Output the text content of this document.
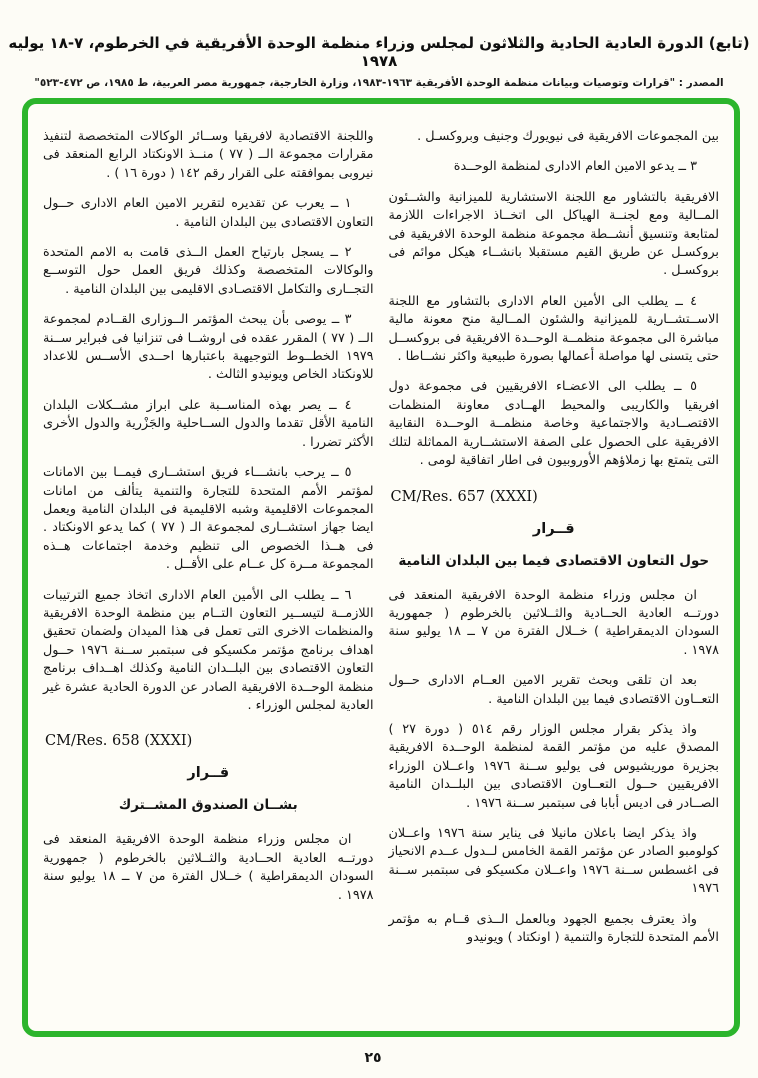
(تابع) الدورة العادية الحادية والثلاثون لمجلس وزراء منظمة الوحدة الأفريقية في الخرطوم، ٧-١٨ يوليه ١٩٧٨
المصدر : "قرارات وتوصيات وبيانات منظمة الوحدة الأفريقية ١٩٦٣-١٩٨٣، وزارة الخارجية، جمهورية مصر العربية، ط ١٩٨٥، ص ٤٧٢-٥٢٣"

بين المجموعات الافريقية فى نيويورك وجنيف وبروكسـل .

٣ ــ يدعو الامين العام الادارى لمنظمة الوحــدة

الافريقية بالتشاور مع اللجنة الاستشارية للميزانية والشــئون المــالية ومع لجنــة الهياكل الى اتخــاذ الاجراءات اللازمة لمتابعة وتنسيق أنشــطة مجموعة منظمة الوحدة الافريقية فى بروكسـل عن طريق القيم مستقبلا بانشــاء هيكل موائم فى بروكسـل .

٤ ــ يطلب الى الأمين العام الادارى بالتشاور مع اللجنة الاســتشــارية للميزانية والشئون المــالية منح معونة مالية مباشرة الى مجموعة منظمــة الوحــدة الافريقية فى بروكســل حتى يتسنى لها مواصلة أعمالها بصورة طبيعية واكثر نشــاطا .

٥ ــ يطلب الى الاعضـاء الافريقيين فى مجموعة دول افريقيا والكاريبى والمحيط الهــادى معاونة المنظمات الاقتصــادية والاجتماعية وخاصة منظمــة الوحــدة النقابية الافريقية على الحصول على الصفة الاستشــارية المماثلة لتلك التى يتمتع بها زملاؤهم الأوروبيون فى اطار اتفاقية لومى .

CM/Res. 657 (XXXI)
قــرار
حول التعاون الاقتصادى فيما بين البلدان النامية

ان مجلس وزراء منظمة الوحدة الافريقية المنعقد فى دورتــه العادية الحــادية والثــلاثين بالخرطوم ( جمهورية السودان الديمقراطية ) خــلال الفترة من ٧ ــ ١٨ يوليو سنة ١٩٧٨ .

بعد ان تلقى وبحث تقرير الامين العــام الادارى حــول التعــاون الاقتصادى فيما بين البلدان النامية .

واذ يذكر بقرار مجلس الوزار رقم ٥١٤ ( دورة ٢٧ ) المصدق عليه من مؤتمر القمة لمنظمة الوحــدة الافريقية بجزيرة موريشيوس فى يوليو ســنة ١٩٧٦ واعــلان الوزراء الافريقيين حــول التعــاون الاقتصادى بين البلــدان النامية الصــادر فى اديس أبابا فى سبتمبر ســنة ١٩٧٦ .

واذ يذكر ايضا باعلان مانيلا فى يناير سنة ١٩٧٦ واعــلان كولومبو الصادر عن مؤتمر القمة الخامس لــدول عــدم الانحياز فى اغسطس ســنة ١٩٧٦ واعــلان مكسيكو فى سبتمبر ســنة ١٩٧٦

واذ يعترف بجميع الجهود وبالعمل الــذى قــام به مؤتمر الأمم المتحدة للتجارة والتنمية ( اونكتاد ) ويونيدو

واللجنة الاقتصادية لافريقيا وســائر الوكالات المتخصصة لتنفيذ مقرارات مجموعة الــ ( ٧٧ ) منــذ الاونكتاد الرابع المنعقد فى نيروبى بموافقته على القرار رقم ١٤٢ ( دورة ١٦ ) .

١ ــ يعرب عن تقديره لتقرير الامين العام الادارى حــول التعاون الاقتصادى بين البلدان النامية .

٢ ــ يسجل بارتياح العمل الــذى قامت به الامم المتحدة والوكالات المتخصصة وكذلك فريق العمل حول التوســع التجــارى والتكامل الاقتصـادى الاقليمى بين البلدان النامية .

٣ ــ يوصى بأن يبحث المؤتمر الــوزارى القــادم لمجموعة الــ ( ٧٧ ) المقرر عقده فى اروشــا فى تنزانيا فى فبراير ســنة ١٩٧٩ الخطــوط التوجيهية باعتبارها احــدى الأســس للاعداد للاونكتاد الخاص ويونيدو الثالث .

٤ ــ يصر بهذه المناســبة على ابراز مشــكلات البلدان النامية الأقل تقدما والدول الســاحلية والجَزْرية والدول الأخرى الأكثر تضررا .

٥ ــ يرحب بانشـــاء فريق استشــارى فيمــا بين الامانات لمؤتمر الأمم المتحدة للتجارة والتنمية يتألف من امانات المجموعات الاقليمية وشبه الاقليمية فى البلدان النامية ويعمل ايضا جهاز استشــارى لمجموعة الـ ( ٧٧ ) كما يدعو الاونكتاد . فى هــذا الخصوص الى تنظيم وخدمة اجتماعات هــذه المجموعة مــرة كل عــام على الأقــل .

٦ ــ يطلب الى الأمين العام الادارى اتخاذ جميع الترتيبات اللازمــة لتيســير التعاون التــام بين منظمة الوحدة الافريقية والمنظمات الاخرى التى تعمل فى هذا الميدان ولضمان تحقيق اهداف برنامج مؤتمر مكسيكو فى سبتمبر ســنة ١٩٧٦ حــول التعاون الاقتصادى بين البلــدان النامية وكذلك اهــداف برنامج منظمة الوحــدة الافريقية الصادر عن الدورة الحادية عشرة غير العادية لمجلس الوزراء .

CM/Res. 658 (XXXI)
قــرار
بشــان الصندوق المشــترك

ان مجلس وزراء منظمة الوحدة الافريقية المنعقد فى دورتــه العادية الحــادية والثــلاثين بالخرطوم ( جمهورية السودان الديمقراطية ) خــلال الفترة من ٧ ــ ١٨ يوليو سنة ١٩٧٨ .

٢٥
